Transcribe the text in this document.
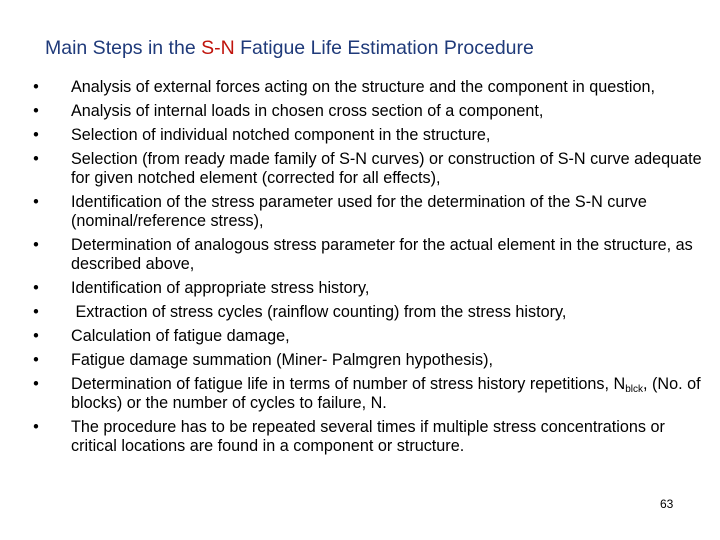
Main Steps in the S-N Fatigue Life Estimation Procedure
• Analysis of external forces acting on the structure and the component in question,
• Analysis of internal loads in chosen cross section of a component,
• Selection of individual notched component in the structure,
• Selection (from ready made family of S-N curves) or construction of S-N curve adequate for given notched element (corrected for all effects),
• Identification of the stress parameter used for the determination of the S-N curve (nominal/reference stress),
• Determination of analogous stress parameter for the actual element in the structure, as described above,
• Identification of appropriate stress history,
• Extraction of stress cycles (rainflow counting) from the stress history,
• Calculation of fatigue damage,
• Fatigue damage summation (Miner- Palmgren hypothesis),
• Determination of fatigue life in terms of number of stress history repetitions, $N_{blck}$, (No. of blocks) or the number of cycles to failure, N.
• The procedure has to be repeated several times if multiple stress concentrations or critical locations are found in a component or structure.
63
